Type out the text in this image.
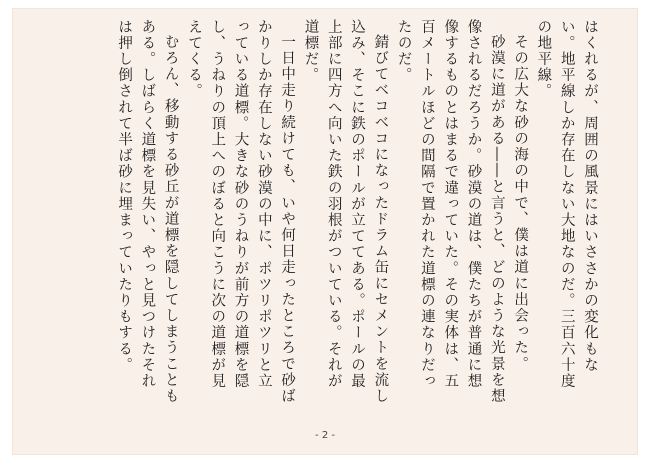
はくれるが、周囲の風景にはいささかの変化もない。地平線しか存在しない大地なのだ。三百六十度の地平線。

その広大な砂の海の中で、僕は道に出会った。

砂漠に道がある――と言うと、どのような光景を想像されるだろうか。砂漠の道は、僕たちが普通に想像するものとはまるで違っていた。その実体は、五百メートルほどの間隔で置かれた道標の連なりだったのだ。

錆びてベコベコになったドラム缶にセメントを流し込み、そこに鉄のポールが立ててある。ポールの最上部に四方へ向いた鉄の羽根がついている。それが道標だ。

一日中走り続けても、いや何日走ったところで砂ばかりしか存在しない砂漠の中に、ポツリポツリと立っている道標。大きな砂のうねりが前方の道標を隠し、うねりの頂上へのぼると向こうに次の道標が見えてくる。

むろん、移動する砂丘が道標を隠してしまうこともある。しばらく道標を見失い、やっと見つけたそれは押し倒されて半ば砂に埋まっていたりもする。

- 2 -
